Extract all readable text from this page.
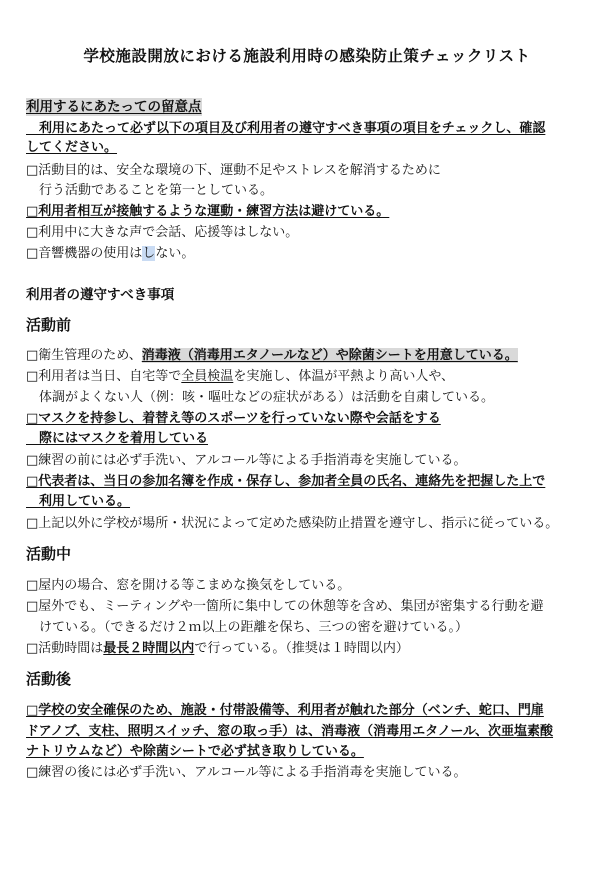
学校施設開放における施設利用時の感染防止策チェックリスト
利用するにあたっての留意点
　利用にあたって必ず以下の項目及び利用者の遵守すべき事項の項目をチェックし、確認
してください。
□活動目的は、安全な環境の下、運動不足やストレスを解消するために
　行う活動であることを第一としている。
□利用者相互が接触するような運動・練習方法は避けている。
□利用中に大きな声で会話、応援等はしない。
□音響機器の使用はしない。
利用者の遵守すべき事項
活動前
□衛生管理のため、消毒液（消毒用エタノールなど）や除菌シートを用意している。
□利用者は当日、自宅等で全員検温を実施し、体温が平熱より高い人や、
　体調がよくない人（例：咳・嘔吐などの症状がある）は活動を自粛している。
□マスクを持参し、着替え等のスポーツを行っていない際や会話をする
　際にはマスクを着用している
□練習の前には必ず手洗い、アルコール等による手指消毒を実施している。
□代表者は、当日の参加名簿を作成・保存し、参加者全員の氏名、連絡先を把握した上で
　利用している。
□上記以外に学校が場所・状況によって定めた感染防止措置を遵守し、指示に従っている。
活動中
□屋内の場合、窓を開ける等こまめな換気をしている。
□屋外でも、ミーティングや一箇所に集中しての休憩等を含め、集団が密集する行動を避
　けている。（できるだけ２ｍ以上の距離を保ち、三つの密を避けている。）
□活動時間は最長２時間以内で行っている。（推奨は１時間以内）
活動後
□学校の安全確保のため、施設・付帯設備等、利用者が触れた部分（ベンチ、蛇口、門扉
ドアノブ、支柱、照明スイッチ、窓の取っ手）は、消毒液（消毒用エタノール、次亜塩素酸
ナトリウムなど）や除菌シートで必ず拭き取りしている。
□練習の後には必ず手洗い、アルコール等による手指消毒を実施している。
